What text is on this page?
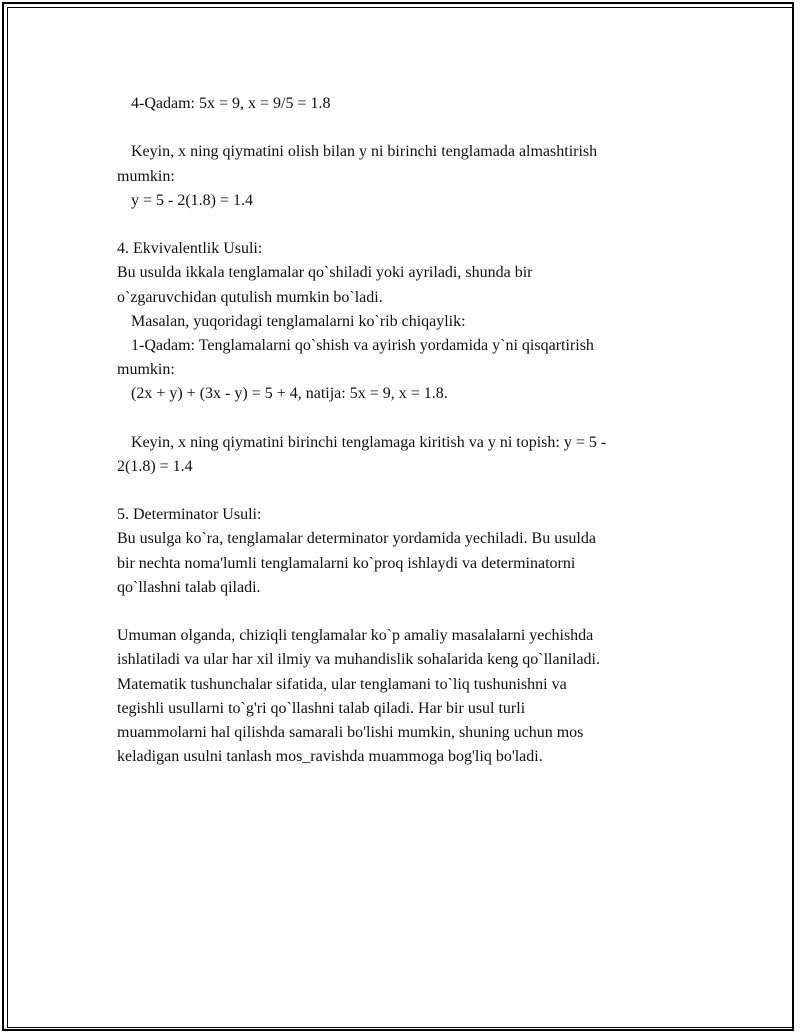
4-Qadam: 5x = 9, x = 9/5 = 1.8
Keyin, x ning qiymatini olish bilan y ni birinchi tenglamada almashtirish
mumkin:
y = 5 - 2(1.8) = 1.4
4. Ekvivalentlik Usuli:
Bu usulda ikkala tenglamalar qo`shiladi yoki ayriladi, shunda bir
o`zgaruvchidan qutulish mumkin bo`ladi.
Masalan, yuqoridagi tenglamalarni ko`rib chiqaylik:
1-Qadam: Tenglamalarni qo`shish va ayirish yordamida y`ni qisqartirish
mumkin:
(2x + y) + (3x - y) = 5 + 4, natija: 5x = 9, x = 1.8.
Keyin, x ning qiymatini birinchi tenglamaga kiritish va y ni topish: y = 5 -
2(1.8) = 1.4
5. Determinator Usuli:
Bu usulga ko`ra, tenglamalar determinator yordamida yechiladi. Bu usulda
bir nechta noma'lumli tenglamalarni ko`proq ishlaydi va determinatorni
qo`llashni talab qiladi.
Umuman olganda, chiziqli tenglamalar ko`p amaliy masalalarni yechishda
ishlatiladi va ular har xil ilmiy va muhandislik sohalarida keng qo`llaniladi.
Matematik tushunchalar sifatida, ular tenglamani to`liq tushunishni va
tegishli usullarni to`g'ri qo`llashni talab qiladi. Har bir usul turli
muammolarni hal qilishda samarali bo'lishi mumkin, shuning uchun mos
keladigan usulni tanlash mos_ravishda muammoga bog'liq bo'ladi.
